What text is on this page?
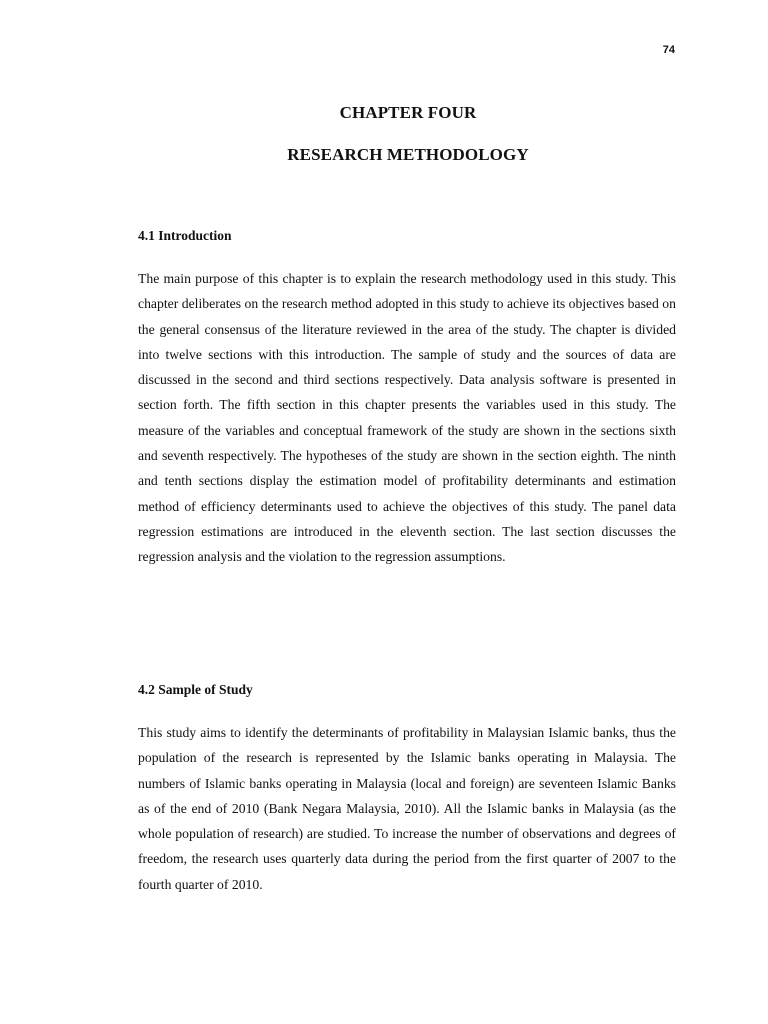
74
CHAPTER FOUR
RESEARCH METHODOLOGY
4.1 Introduction

The main purpose of this chapter is to explain the research methodology used in this study. This chapter deliberates on the research method adopted in this study to achieve its objectives based on the general consensus of the literature reviewed in the area of the study. The chapter is divided into twelve sections with this introduction. The sample of study and the sources of data are discussed in the second and third sections respectively. Data analysis software is presented in section forth. The fifth section in this chapter presents the variables used in this study. The measure of the variables and conceptual framework of the study are shown in the sections sixth and seventh respectively. The hypotheses of the study are shown in the section eighth. The ninth and tenth sections display the estimation model of profitability determinants and estimation method of efficiency determinants used to achieve the objectives of this study. The panel data regression estimations are introduced in the eleventh section. The last section discusses the regression analysis and the violation to the regression assumptions.

4.2 Sample of Study

This study aims to identify the determinants of profitability in Malaysian Islamic banks, thus the population of the research is represented by the Islamic banks operating in Malaysia. The numbers of Islamic banks operating in Malaysia (local and foreign) are seventeen Islamic Banks as of the end of 2010 (Bank Negara Malaysia, 2010). All the Islamic banks in Malaysia (as the whole population of research) are studied. To increase the number of observations and degrees of freedom, the research uses quarterly data during the period from the first quarter of 2007 to the fourth quarter of 2010.
